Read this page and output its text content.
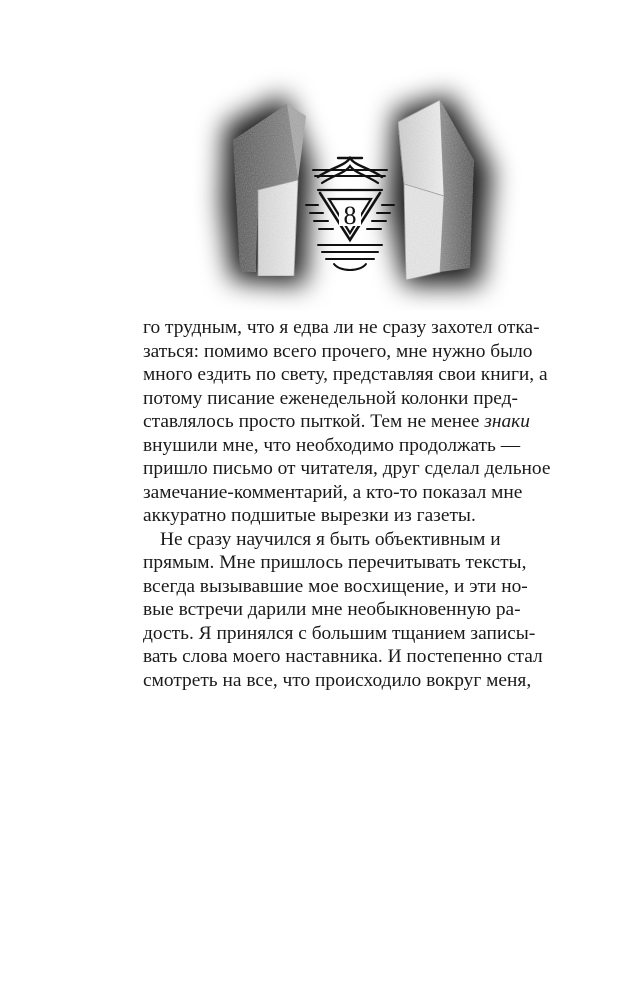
8
го трудным, что я едва ли не сразу захотел отка-
заться: помимо всего прочего, мне нужно было
много ездить по свету, представляя свои книги, а
потому писание еженедельной колонки пред-
ставлялось просто пыткой. Тем не менее знаки
внушили мне, что необходимо продолжать —
пришло письмо от читателя, друг сделал дельное
замечание-комментарий, а кто-то показал мне
аккуратно подшитые вырезки из газеты.
Не сразу научился я быть объективным и
прямым. Мне пришлось перечитывать тексты,
всегда вызывавшие мое восхищение, и эти но-
вые встречи дарили мне необыкновенную ра-
дость. Я принялся с большим тщанием записы-
вать слова моего наставника. И постепенно стал
смотреть на все, что происходило вокруг меня,
